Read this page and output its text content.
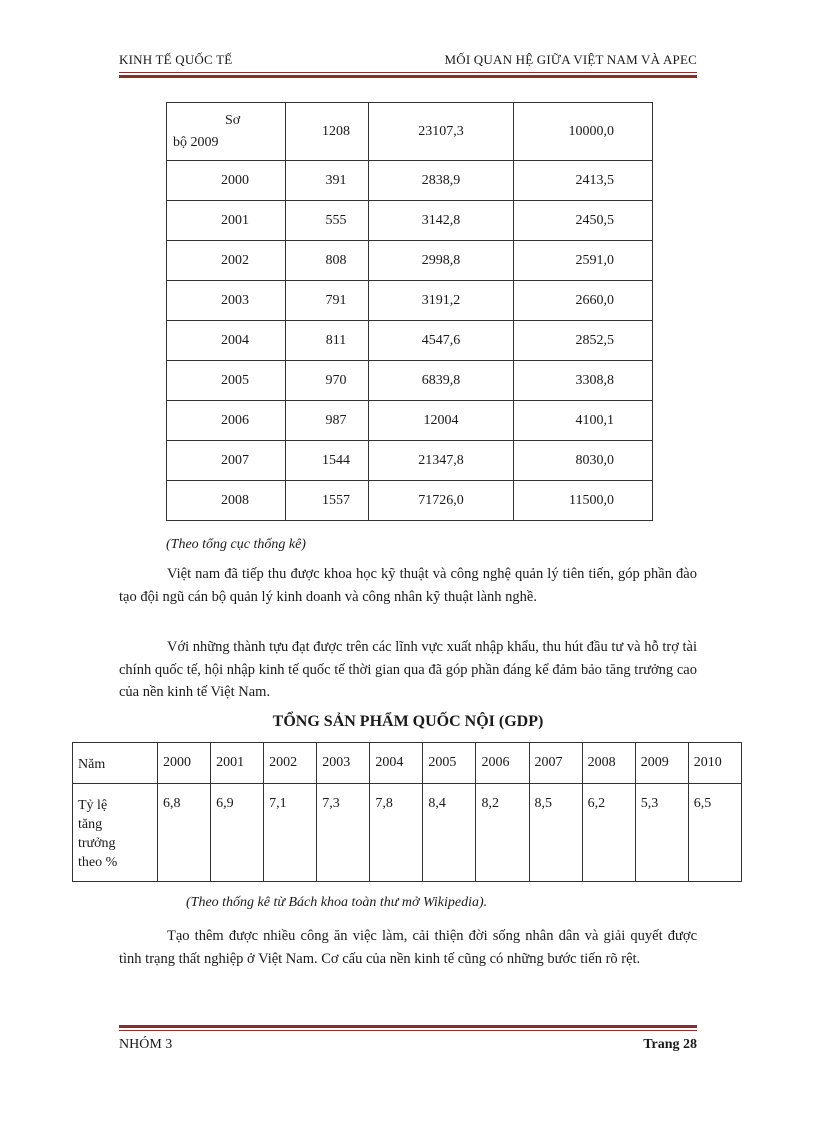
KINH TẾ QUỐC TẾ	MỐI QUAN HỆ GIỮA VIỆT NAM VÀ APEC
Sơ
bộ 2009	1208	23107,3	10000,0
2000	391	2838,9	2413,5
2001	555	3142,8	2450,5
2002	808	2998,8	2591,0
2003	791	3191,2	2660,0
2004	811	4547,6	2852,5
2005	970	6839,8	3308,8
2006	987	12004	4100,1
2007	1544	21347,8	8030,0
2008	1557	71726,0	11500,0
(Theo tổng cục thống kê)

Việt nam đã tiếp thu được khoa học kỹ thuật và công nghệ quản lý tiên tiến, góp phần đào tạo đội ngũ cán bộ quản lý kinh doanh và công nhân kỹ thuật lành nghề.

Với những thành tựu đạt được trên các lĩnh vực xuất nhập khẩu, thu hút đầu tư và hỗ trợ tài chính quốc tế, hội nhập kinh tế quốc tế thời gian qua đã góp phần đáng kể đảm bảo tăng trưởng cao của nền kinh tế Việt Nam.

TỔNG SẢN PHẨM QUỐC NỘI (GDP)
Năm	2000	2001	2002	2003	2004	2005	2006	2007	2008	2009	2010
Tỷ lệ
tăng
trưởng
theo %	6,8	6,9	7,1	7,3	7,8	8,4	8,2	8,5	6,2	5,3	6,5
(Theo thống kê từ Bách khoa toàn thư mở Wikipedia).

Tạo thêm được nhiều công ăn việc làm, cải thiện đời sống nhân dân và giải quyết được tình trạng thất nghiệp ở Việt Nam. Cơ cấu của nền kinh tế cũng có những bước tiến rõ rệt.

NHÓM 3	Trang 28
